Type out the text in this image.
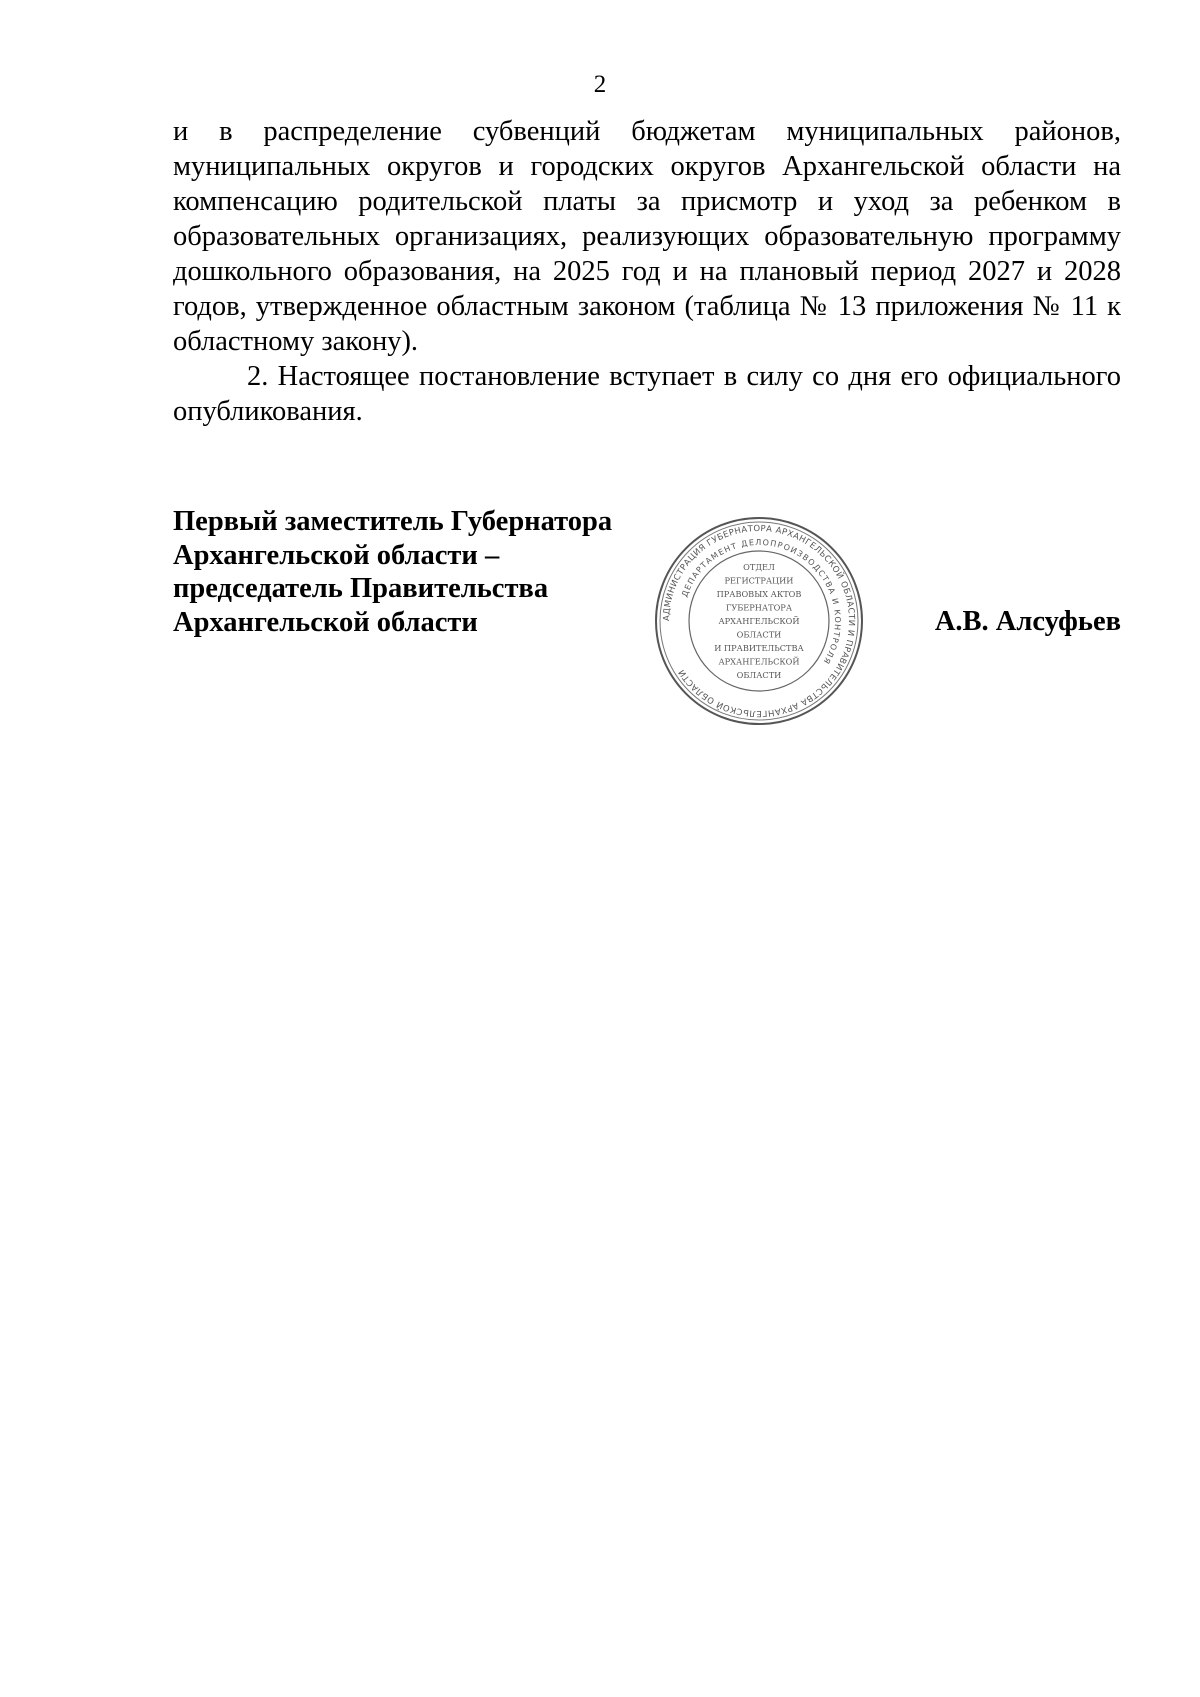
2

и в распределение субвенций бюджетам муниципальных районов, муниципальных округов и городских округов Архангельской области на компенсацию родительской платы за присмотр и уход за ребенком в образовательных организациях, реализующих образовательную программу дошкольного образования, на 2025 год и на плановый период 2027 и 2028 годов, утвержденное областным законом (таблица № 13 приложения № 11 к областному закону).

2. Настоящее постановление вступает в силу со дня его официального опубликования.

Первый заместитель Губернатора
Архангельской области –
председатель Правительства
Архангельской области	АДМИНИСТРАЦИЯ ГУБЕРНАТОРА АРХАНГЕЛЬСКОЙ ОБЛАСТИ И ПРАВИТЕЛЬСТВА АРХАНГЕЛЬСКОЙ ОБЛАСТИ
ДЕПАРТАМЕНТ ДЕЛОПРОИЗВОДСТВА И КОНТРОЛЯ
ОТДЕЛ
РЕГИСТРАЦИИ
ПРАВОВЫХ АКТОВ
ГУБЕРНАТОРА
АРХАНГЕЛЬСКОЙ
ОБЛАСТИ
И ПРАВИТЕЛЬСТВА
АРХАНГЕЛЬСКОЙ
ОБЛАСТИ
А.В. Алсуфьев
